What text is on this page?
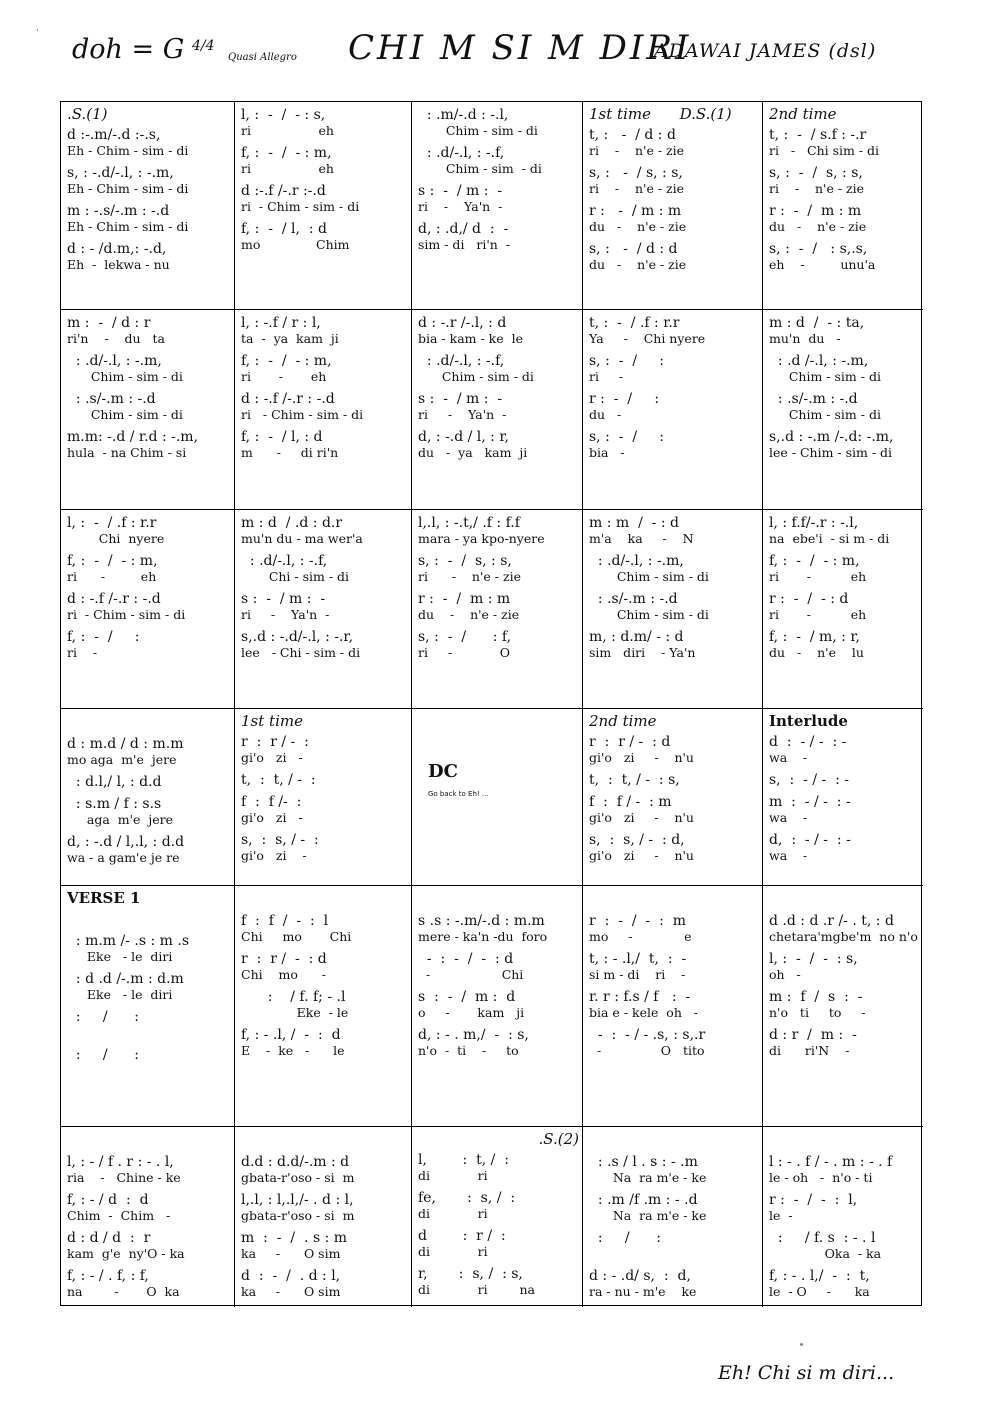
·
doh = G 4/4
Quasi Allegro CHI M SI M DIRI
ADAWAI JAMES (dsl)
.S.(1)
d :-.m/-.d :-.s,
Eh - Chim - sim - di
s, : -.d/-.l, : -.m,
Eh - Chim - sim - di
m : -.s/-.m : -.d
Eh - Chim - sim - di
d : - /d.m,: -.d,
Eh  -  lekwa - nu
l, :  -  /  - : s,
ri                 eh
f, :  -  /  - : m,
ri                 eh
d :-.f /-.r :-.d
ri  - Chim - sim - di
f, :  -  / l,  : d
mo              Chim
: .m/-.d : -.l,
Chim - sim - di
: .d/-.l, : -.f,
Chim - sim  - di
s :  -  / m :  -
ri    -    Ya'n  -
d, : .d,/ d  :  -
sim - di   ri'n  -
1st time      D.S.(1)
t, :   -  / d : d
ri    -    n'e - zie
s, :   -  / s, : s,
ri    -    n'e - zie
r :   -  / m : m
du   -    n'e - zie
s, :   -  / d : d
du   -    n'e - zie
2nd time
t, :  -  / s.f : -.r
ri   -   Chi sim - di
s, :  -  /  s, : s,
ri    -    n'e - zie
r :  -  /  m : m
du   -    n'e - zie
s, :  -  /   : s,.s,
eh    -         unu'a
m :  -  / d : r
ri'n    -    du   ta
: .d/-.l, : -.m,
Chim - sim - di
: .s/-.m : -.d
Chim - sim - di
m.m: -.d / r.d : -.m,
hula  - na Chim - si
l, : -.f / r : l,
ta  -  ya  kam  ji
f, :  -  /  - : m,
ri       -       eh
d : -.f /-.r : -.d
ri   - Chim - sim - di
f, :  -  / l, : d
m      -     di ri'n
d : -.r /-.l, : d
bia - kam - ke  le
: .d/-.l, : -.f,
Chim - sim - di
s :  -  / m :  -
ri     -    Ya'n  -
d, : -.d / l, : r,
du   -  ya   kam  ji
t, :  -  / .f : r.r
Ya     -    Chi nyere
s, :  -  /     :
ri     -
r :  -  /     :
du   -
s, :  -  /     :
bia   -
m : d  /  - : ta,
mu'n  du   -
: .d /-.l, : -.m,
Chim - sim - di
: .s/-.m : -.d
Chim - sim - di
s,.d : -.m /-.d: -.m,
lee - Chim - sim - di
l, :  -  / .f : r.r
Chi  nyere
f, :  -  /  - : m,
ri      -         eh
d : -.f /-.r : -.d
ri  - Chim - sim - di
f, :  -  /     :
ri    -
m : d  / .d : d.r
mu'n du - ma wer'a
: .d/-.l, : -.f,
Chi - sim - di
s :  -  / m :  -
ri     -    Ya'n  -
s,.d : -.d/-.l, : -.r,
lee   - Chi - sim - di
l,.l, : -.t,/ .f : f.f
mara - ya kpo-nyere
s, :  -  /  s, : s,
ri      -    n'e - zie
r :  -  /  m : m
du    -    n'e - zie
s, :  -  /      : f,
ri     -            O
m : m  /  - : d
m'a    ka     -    N
: .d/-.l, : -.m,
Chim - sim - di
: .s/-.m : -.d
Chim - sim - di
m, : d.m/ - : d
sim   diri    - Ya'n
l, : f.f/-.r : -.l,
na  ebe'i  - si m - di
f, :  -  /  - : m,
ri       -          eh
r :  -  /  - : d
ri       -          eh
f, :  -  / m, : r,
du   -    n'e    lu
d : m.d / d : m.m
mo aga  m'e  jere
: d.l,/ l, : d.d
: s.m / f : s.s
aga  m'e  jere
d, : -.d / l,.l, : d.d
wa - a gam'e je re
1st time
r  :  r / -  :
gi'o   zi   -
t,  :  t, / -  :
f  :  f /-  :
gi'o   zi   -
s,  :  s, / -  :
gi'o   zi    -
DC
Go back to Eh! ...
2nd time
r  :  r / -  : d
gi'o   zi     -    n'u
t,  :  t, / -  : s,
f  :  f / -  : m
gi'o   zi     -    n'u
s,  :  s, / -  : d,
gi'o   zi     -    n'u
Interlude
d  :  - / -  : -
wa    -
s,  :  - / -  : -
m  :  - / -  : -
wa    -
d,  :  - / -  : -
wa    -
VERSE 1
: m.m /- .s : m .s
Eke   - le  diri
: d .d /-.m : d.m
Eke   - le  diri
:     /      :
:     /      :
f  :  f  /  -  :  l
Chi     mo       Chi
r  :  r /  -  : d
Chi    mo      -
:    / f. f; - .l
Eke  - le
f, : - .l, /  -  :  d
E    -  ke   -      le
s .s : -.m/-.d : m.m
mere - ka'n -du  foro
-  :  -  /  -  : d
-                  Chi
s  :  -  /  m :  d
o     -       kam   ji
d, : - . m,/  -  : s,
n'o  -  ti    -     to
r  :  -  /  -  :  m
mo     -             e
t, : - .l,/  t,  :  -
si m - di    ri    -
r. r : f.s / f   :  -
bia e - kele  oh   -
-  :  - / - .s, : s,.r
-               O   tito
d .d : d .r /- . t, : d
chetara'mgbe'm  no n'o
l, :  -  /  -  : s,
oh   -
m :  f  /  s  :  -
n'o   ti     to     -
d : r  /  m :  -
di      ri'N    -
l, : - / f . r : - . l,
ria    -   Chine - ke
f, : - / d  :  d
Chim  -  Chim   -
d : d / d  :  r
kam  g'e  ny'O - ka
f, : - / . f, : f,
na        -       O  ka
d.d : d.d/-.m : d
gbata-r'oso - si  m
l,.l, : l,.l,/- . d : l,
gbata-r'oso - si  m
m  :  -  /  . s : m
ka     -      O sim
d  :  -  /  . d : l,
ka     -      O sim
.S.(2)
l,        :  t, /  :
di            ri
fe,       :  s, /  :
di            ri
d        :  r /  :
di            ri
r,       :  s, /  : s,
di            ri        na
: .s / l . s : - .m
Na  ra m'e - ke
: .m /f .m : - .d
Na  ra m'e - ke
:     /      :
d : - .d/ s,  :  d,
ra - nu - m'e    ke
l : - . f / - . m : - . f
le - oh   -  n'o - ti
r :  -  /  -  :  l,
le  -
:     / f. s  : - . l
Oka  - ka
f, : - . l,/  -  :  t,
le  - O     -      ka
Eh! Chi si m diri...
